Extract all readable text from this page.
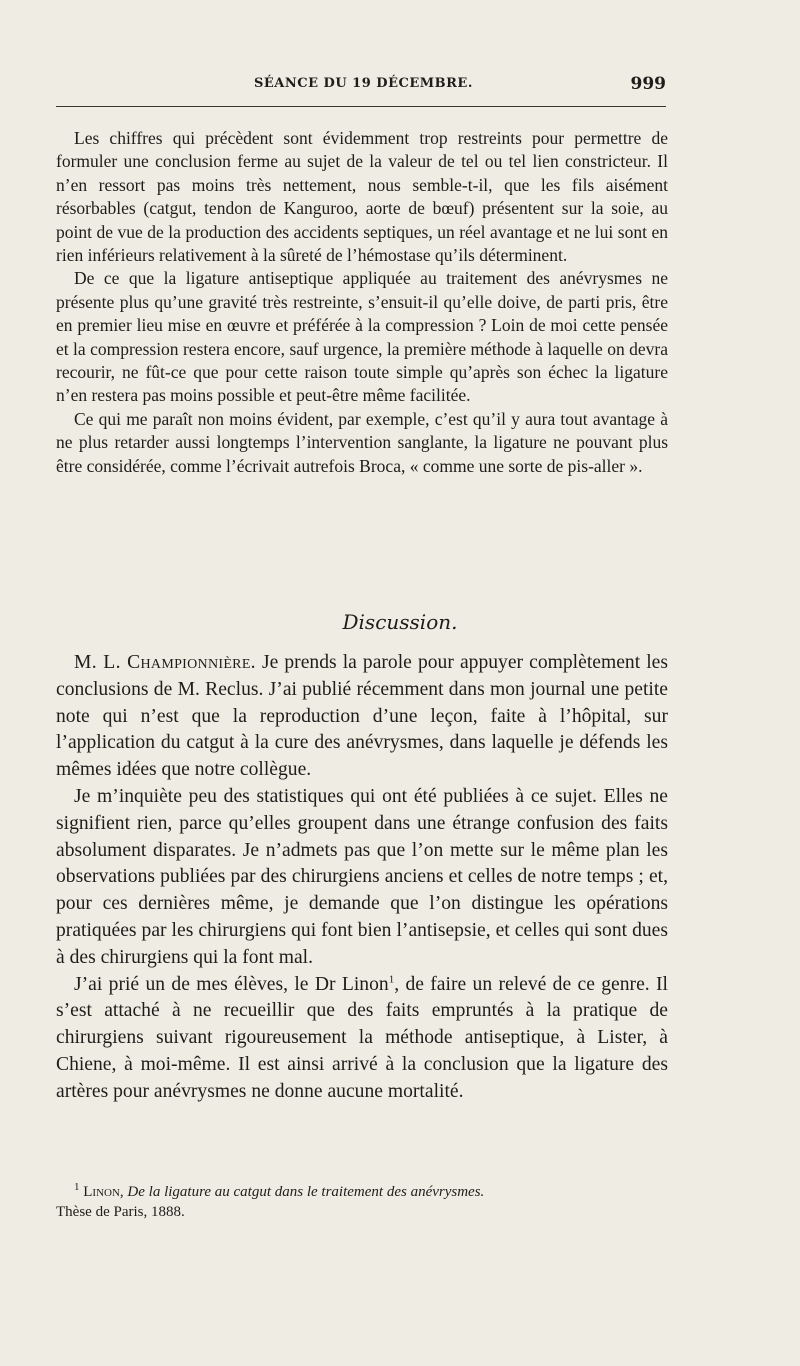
SÉANCE DU 19 DÉCEMBRE.	999

Les chiffres qui précèdent sont évidemment trop restreints pour permettre de formuler une conclusion ferme au sujet de la valeur de tel ou tel lien constricteur. Il n’en ressort pas moins très nettement, nous semble-t-il, que les fils aisément résorbables (catgut, tendon de Kanguroo, aorte de bœuf) présentent sur la soie, au point de vue de la production des accidents septiques, un réel avantage et ne lui sont en rien inférieurs relativement à la sûreté de l’hémostase qu’ils déterminent.

De ce que la ligature antiseptique appliquée au traitement des anévrysmes ne présente plus qu’une gravité très restreinte, s’ensuit-il qu’elle doive, de parti pris, être en premier lieu mise en œuvre et préférée à la compression ? Loin de moi cette pensée et la compression restera encore, sauf urgence, la première méthode à laquelle on devra recourir, ne fût-ce que pour cette raison toute simple qu’après son échec la ligature n’en restera pas moins possible et peut-être même facilitée.

Ce qui me paraît non moins évident, par exemple, c’est qu’il y aura tout avantage à ne plus retarder aussi longtemps l’intervention sanglante, la ligature ne pouvant plus être considérée, comme l’écrivait autrefois Broca, « comme une sorte de pis-aller ».

Discussion.

M. L. Championnière. Je prends la parole pour appuyer complètement les conclusions de M. Reclus. J’ai publié récemment dans mon journal une petite note qui n’est que la reproduction d’une leçon, faite à l’hôpital, sur l’application du catgut à la cure des anévrysmes, dans laquelle je défends les mêmes idées que notre collègue.

Je m’inquiète peu des statistiques qui ont été publiées à ce sujet. Elles ne signifient rien, parce qu’elles groupent dans une étrange confusion des faits absolument disparates. Je n’admets pas que l’on mette sur le même plan les observations publiées par des chirurgiens anciens et celles de notre temps ; et, pour ces dernières même, je demande que l’on distingue les opérations pratiquées par les chirurgiens qui font bien l’antisepsie, et celles qui sont dues à des chirurgiens qui la font mal.

J’ai prié un de mes élèves, le Dr Linon$^1$, de faire un relevé de ce genre. Il s’est attaché à ne recueillir que des faits empruntés à la pratique de chirurgiens suivant rigoureusement la méthode antiseptique, à Lister, à Chiene, à moi-même. Il est ainsi arrivé à la conclusion que la ligature des artères pour anévrysmes ne donne aucune mortalité.

$^1$ Linon, De la ligature au catgut dans le traitement des anévrysmes.
Thèse de Paris, 1888.
